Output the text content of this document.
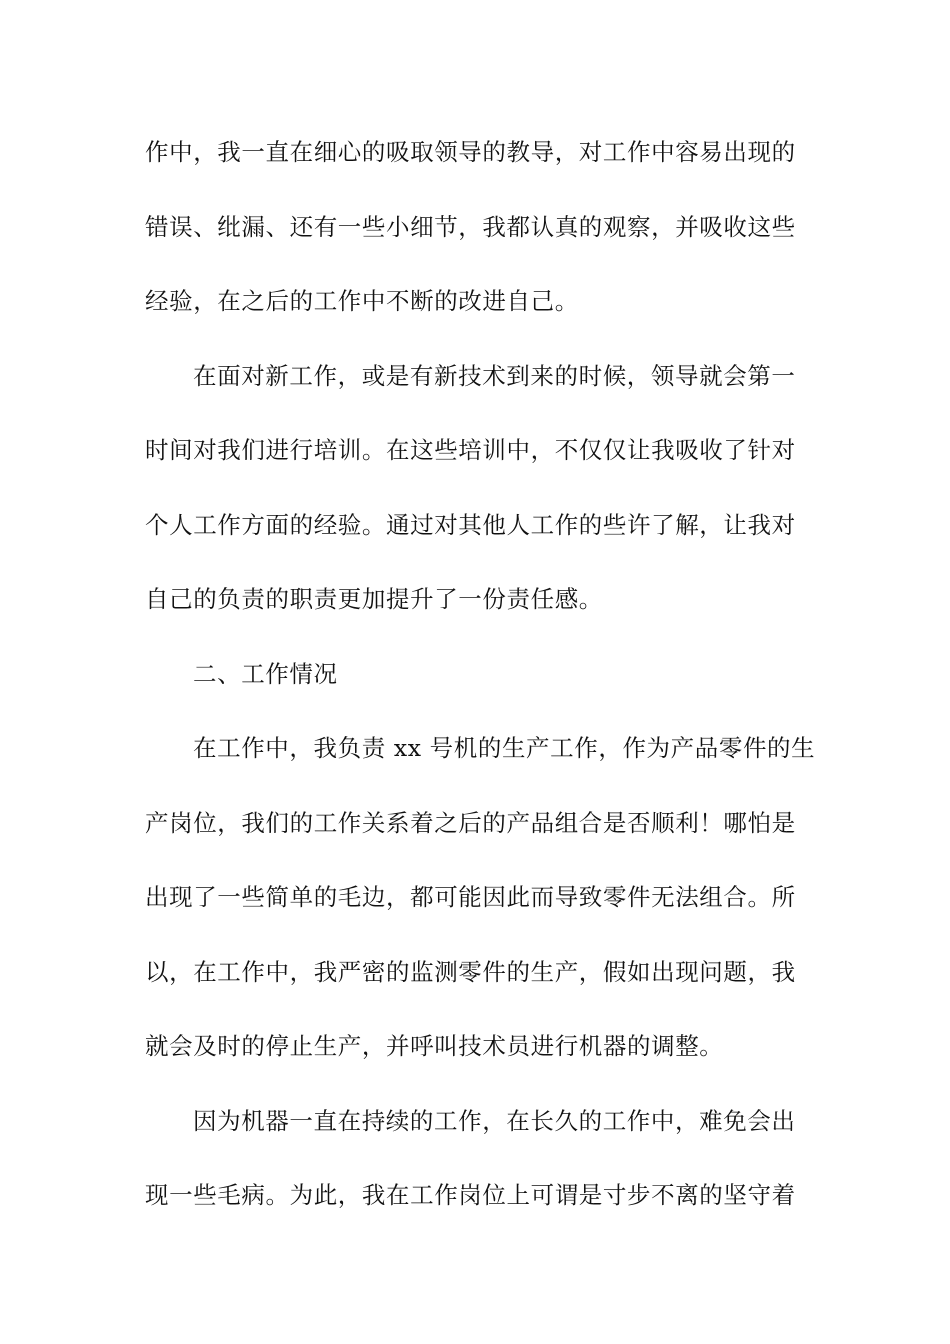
作中，我一直在细心的吸取领导的教导，对工作中容易出现的
错误、纰漏、还有一些小细节，我都认真的观察，并吸收这些
经验，在之后的工作中不断的改进自己。
在面对新工作，或是有新技术到来的时候，领导就会第一
时间对我们进行培训。在这些培训中，不仅仅让我吸收了针对
个人工作方面的经验。通过对其他人工作的些许了解，让我对
自己的负责的职责更加提升了一份责任感。
二、工作情况
在工作中，我负责 xx 号机的生产工作，作为产品零件的生
产岗位，我们的工作关系着之后的产品组合是否顺利！哪怕是
出现了一些简单的毛边，都可能因此而导致零件无法组合。所
以，在工作中，我严密的监测零件的生产，假如出现问题，我
就会及时的停止生产，并呼叫技术员进行机器的调整。
因为机器一直在持续的工作，在长久的工作中，难免会出
现一些毛病。为此，我在工作岗位上可谓是寸步不离的坚守着
